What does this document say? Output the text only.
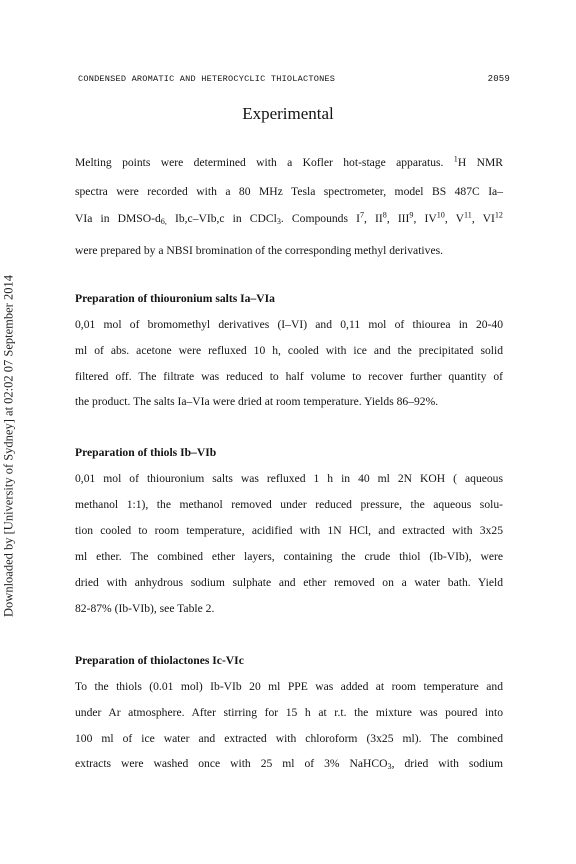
CONDENSED AROMATIC AND HETEROCYCLIC THIOLACTONES	2059
Experimental
Downloaded by [University of Sydney] at 02:02 07 September 2014
Melting points were determined with a Kofler hot-stage apparatus. $^1$H NMR
spectra were recorded with a 80 MHz Tesla spectrometer, model BS 487C Ia–
VIa in DMSO-$d_{6,}$ Ib,c–VIb,c in CDCl$_3$. Compounds $I^7$, $II^8$, III$^9$, IV$^{10}$, $V^{11}$, VI$^{12}$
were prepared by a NBSI bromination of the corresponding methyl derivatives.
Preparation of thiouronium salts Ia–VIa
0,01 mol of bromomethyl derivatives (I–VI) and 0,11 mol of thiourea in 20-40
ml of abs. acetone were refluxed 10 h, cooled with ice and the precipitated solid
filtered off. The filtrate was reduced to half volume to recover further quantity of
the product. The salts Ia–VIa were dried at room temperature. Yields 86–92%.
Preparation of thiols Ib–VIb
0,01 mol of thiouronium salts was refluxed 1 h in 40 ml 2N KOH ( aqueous
methanol 1:1), the methanol removed under reduced pressure, the aqueous solu-
tion cooled to room temperature, acidified with 1N HCl, and extracted with 3x25
ml ether. The combined ether layers, containing the crude thiol (Ib-VIb), were
dried with anhydrous sodium sulphate and ether removed on a water bath. Yield
82-87% (Ib-VIb), see Table 2.
Preparation of thiolactones Ic-VIc
To the thiols (0.01 mol) Ib-VIb 20 ml PPE was added at room temperature and
under Ar atmosphere. After stirring for 15 h at r.t. the mixture was poured into
100 ml of ice water and extracted with chloroform (3x25 ml). The combined
extracts were washed once with 25 ml of 3% NaHCO$_3$, dried with sodium
